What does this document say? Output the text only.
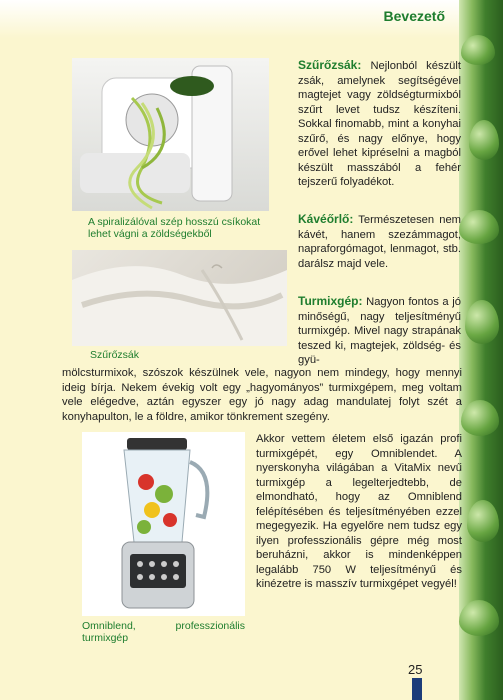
Bevezető
A spiralizálóval szép hosszú csíkokat lehet vágni a zöldségekből
Szűrőzsák
Omniblend, professzionális turmixgép
Szűrőzsák: Nejlonból készült zsák, amelynek segítségével magtejet vagy zöldségturmixból szűrt levet tudsz készíteni. Sokkal finomabb, mint a konyhai szűrő, és nagy előnye, hogy erővel lehet kipréselni a magból készült masszából a fehér tejszerű folyadékot.
Kávéőrlő: Természetesen nem kávét, hanem szezámmagot, napraforgómagot, lenmagot, stb. darálsz majd vele.
Turmixgép: Nagyon fontos a jó minőségű, nagy teljesítményű turmixgép. Mivel nagy strapának teszed ki, magtejek, zöldség- és gyü-
mölcsturmixok, szószok készülnek vele, nagyon nem mindegy, hogy mennyi ideig bírja. Nekem évekig volt egy „hagyományos” turmixgépem, meg voltam vele elégedve, aztán egyszer egy jó nagy adag mandulatej folyt szét a konyhapulton, le a földre, amikor tönkrement szegény.
Akkor vettem életem első igazán profi turmixgépét, egy Omniblendet. A nyerskonyha világában a VitaMix nevű turmixgép a legelterjedtebb, de elmondható, hogy az Omniblend felépítésében és teljesítményében ezzel megegyezik. Ha egyelőre nem tudsz egy ilyen professzionális gépre még most beruházni, akkor is mindenképpen legalább 750 W teljesítményű és kinézetre is masszív turmixgépet vegyél!
25
